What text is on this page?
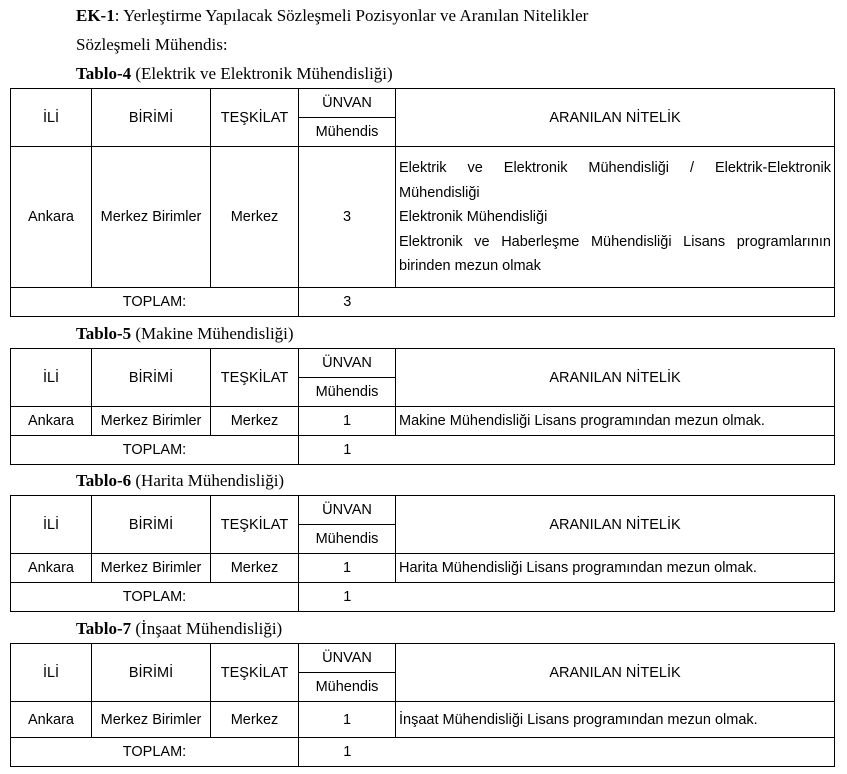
EK-1: Yerleştirme Yapılacak Sözleşmeli Pozisyonlar ve Aranılan Nitelikler
Sözleşmeli Mühendis:
Tablo-4 (Elektrik ve Elektronik Mühendisliği)
İLİ	BİRİMİ	TEŞKİLAT	ÜNVAN	ARANILAN NİTELİK
			Mühendis	
Ankara	Merkez Birimler	Merkez	3	Elektrik ve Elektronik Mühendisliği / Elektrik-Elektronik
Mühendisliği
Elektronik Mühendisliği
Elektronik ve Haberleşme Mühendisliği Lisans programlarının
birinden mezun olmak

TOPLAM:			3	
Tablo-5 (Makine Mühendisliği)
İLİ	BİRİMİ	TEŞKİLAT	ÜNVAN	ARANILAN NİTELİK
			Mühendis	
Ankara	Merkez Birimler	Merkez	1	Makine Mühendisliği Lisans programından mezun olmak.
TOPLAM:			1	
Tablo-6 (Harita Mühendisliği)
İLİ	BİRİMİ	TEŞKİLAT	ÜNVAN	ARANILAN NİTELİK
			Mühendis	
Ankara	Merkez Birimler	Merkez	1	Harita Mühendisliği Lisans programından mezun olmak.
TOPLAM:			1	
Tablo-7 (İnşaat Mühendisliği)
İLİ	BİRİMİ	TEŞKİLAT	ÜNVAN	ARANILAN NİTELİK
			Mühendis	
Ankara	Merkez Birimler	Merkez	1	İnşaat Mühendisliği Lisans programından mezun olmak.
TOPLAM:			1	
